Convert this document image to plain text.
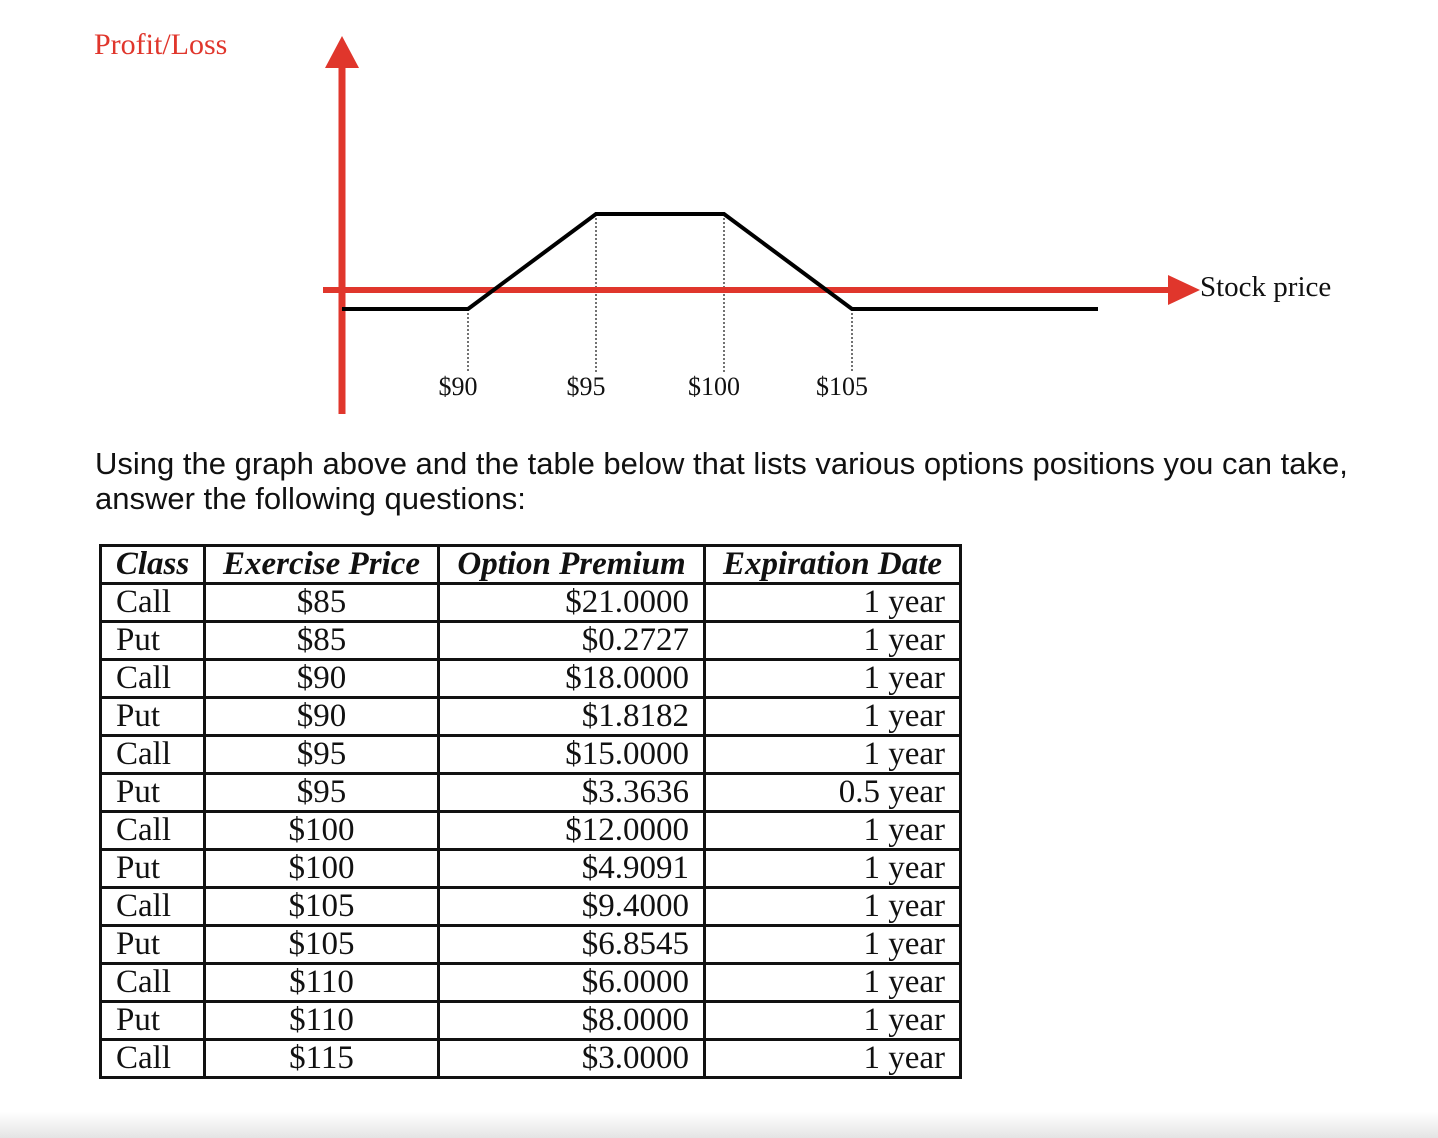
Profit/Loss
$90	$95	$100	$105
Stock price

Using the graph above and the table below that lists various options positions you can take, answer the following questions:

Class	Exercise Price	Option Premium	Expiration Date
Call	$85	$21.0000	1 year
Put	$85	$0.2727	1 year
Call	$90	$18.0000	1 year
Put	$90	$1.8182	1 year
Call	$95	$15.0000	1 year
Put	$95	$3.3636	0.5 year
Call	$100	$12.0000	1 year
Put	$100	$4.9091	1 year
Call	$105	$9.4000	1 year
Put	$105	$6.8545	1 year
Call	$110	$6.0000	1 year
Put	$110	$8.0000	1 year
Call	$115	$3.0000	1 year
